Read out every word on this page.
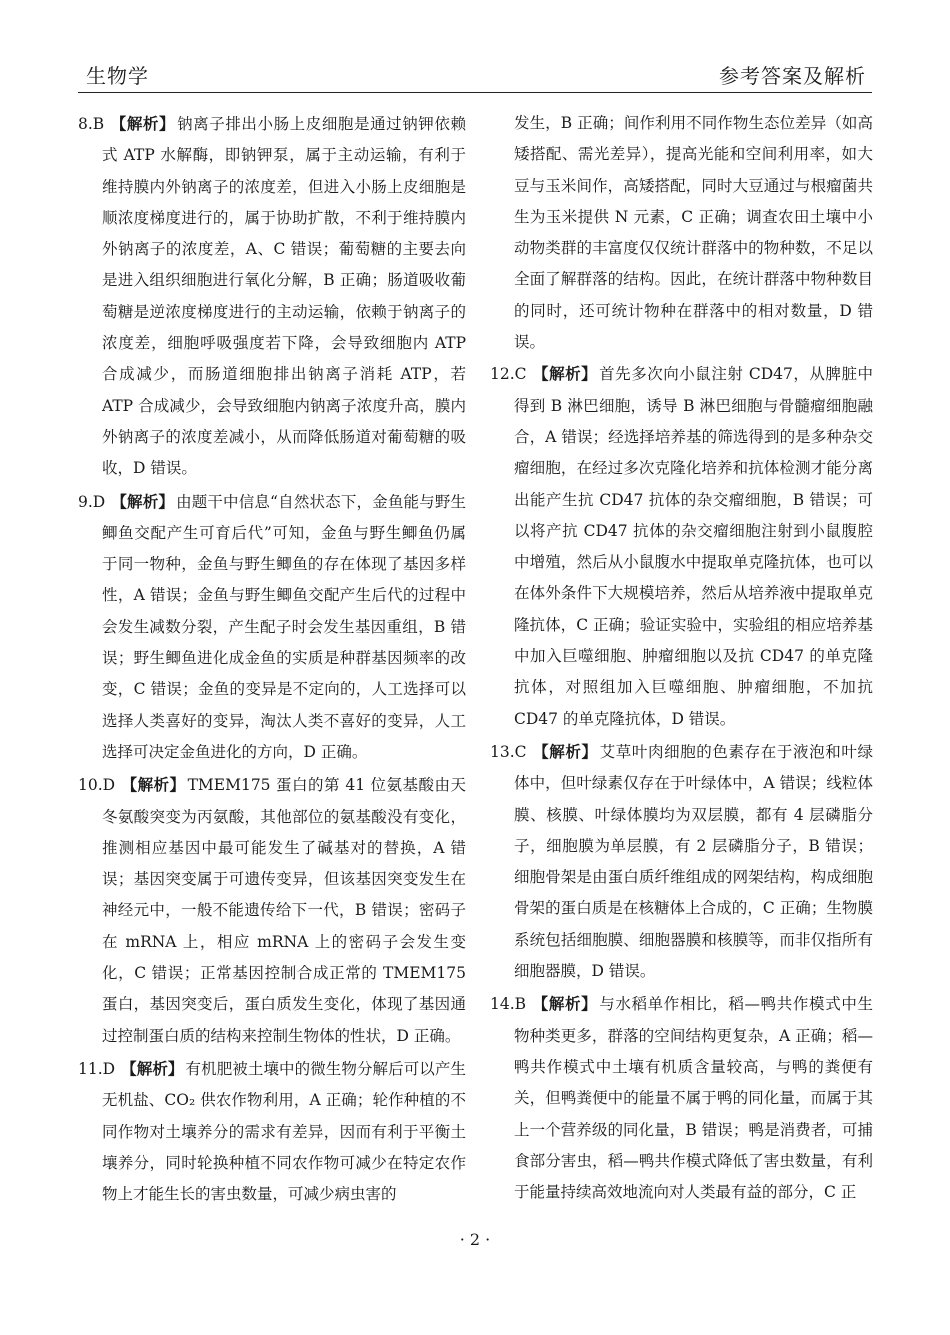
生物学	参考答案及解析

8.B 【解析】 钠离子排出小肠上皮细胞是通过钠钾依赖式 ATP 水解酶，即钠钾泵，属于主动运输，有利于维持膜内外钠离子的浓度差，但进入小肠上皮细胞是顺浓度梯度进行的，属于协助扩散，不利于维持膜内外钠离子的浓度差，A、C 错误；葡萄糖的主要去向是进入组织细胞进行氧化分解，B 正确；肠道吸收葡萄糖是逆浓度梯度进行的主动运输，依赖于钠离子的浓度差，细胞呼吸强度若下降，会导致细胞内 ATP 合成减少，而肠道细胞排出钠离子消耗 ATP，若 ATP 合成减少，会导致细胞内钠离子浓度升高，膜内外钠离子的浓度差减小，从而降低肠道对葡萄糖的吸收，D 错误。

9.D 【解析】 由题干中信息“自然状态下，金鱼能与野生鲫鱼交配产生可育后代”可知，金鱼与野生鲫鱼仍属于同一物种，金鱼与野生鲫鱼的存在体现了基因多样性，A 错误；金鱼与野生鲫鱼交配产生后代的过程中会发生减数分裂，产生配子时会发生基因重组，B 错误；野生鲫鱼进化成金鱼的实质是种群基因频率的改变，C 错误；金鱼的变异是不定向的，人工选择可以选择人类喜好的变异，淘汰人类不喜好的变异，人工选择可决定金鱼进化的方向，D 正确。

10.D 【解析】 TMEM175 蛋白的第 41 位氨基酸由天冬氨酸突变为丙氨酸，其他部位的氨基酸没有变化，推测相应基因中最可能发生了碱基对的替换，A 错误；基因突变属于可遗传变异，但该基因突变发生在神经元中，一般不能遗传给下一代，B 错误；密码子在 mRNA 上，相应 mRNA 上的密码子会发生变化，C 错误；正常基因控制合成正常的 TMEM175 蛋白，基因突变后，蛋白质发生变化，体现了基因通过控制蛋白质的结构来控制生物体的性状，D 正确。

11.D 【解析】 有机肥被土壤中的微生物分解后可以产生无机盐、CO₂ 供农作物利用，A 正确；轮作种植的不同作物对土壤养分的需求有差异，因而有利于平衡土壤养分，同时轮换种植不同农作物可减少在特定农作物上才能生长的害虫数量，可减少病虫害的

发生，B 正确；间作利用不同作物生态位差异（如高矮搭配、需光差异），提高光能和空间利用率，如大豆与玉米间作，高矮搭配，同时大豆通过与根瘤菌共生为玉米提供 N 元素，C 正确；调查农田土壤中小动物类群的丰富度仅仅统计群落中的物种数，不足以全面了解群落的结构。因此，在统计群落中物种数目的同时，还可统计物种在群落中的相对数量，D 错误。

12.C 【解析】 首先多次向小鼠注射 CD47，从脾脏中得到 B 淋巴细胞，诱导 B 淋巴细胞与骨髓瘤细胞融合，A 错误；经选择培养基的筛选得到的是多种杂交瘤细胞，在经过多次克隆化培养和抗体检测才能分离出能产生抗 CD47 抗体的杂交瘤细胞，B 错误；可以将产抗 CD47 抗体的杂交瘤细胞注射到小鼠腹腔中增殖，然后从小鼠腹水中提取单克隆抗体，也可以在体外条件下大规模培养，然后从培养液中提取单克隆抗体，C 正确；验证实验中，实验组的相应培养基中加入巨噬细胞、肿瘤细胞以及抗 CD47 的单克隆抗体，对照组加入巨噬细胞、肿瘤细胞，不加抗 CD47 的单克隆抗体，D 错误。

13.C 【解析】 艾草叶肉细胞的色素存在于液泡和叶绿体中，但叶绿素仅存在于叶绿体中，A 错误；线粒体膜、核膜、叶绿体膜均为双层膜，都有 4 层磷脂分子，细胞膜为单层膜，有 2 层磷脂分子，B 错误；细胞骨架是由蛋白质纤维组成的网架结构，构成细胞骨架的蛋白质是在核糖体上合成的，C 正确；生物膜系统包括细胞膜、细胞器膜和核膜等，而非仅指所有细胞器膜，D 错误。

14.B 【解析】 与水稻单作相比，稻—鸭共作模式中生物种类更多，群落的空间结构更复杂，A 正确；稻—鸭共作模式中土壤有机质含量较高，与鸭的粪便有关，但鸭粪便中的能量不属于鸭的同化量，而属于其上一个营养级的同化量，B 错误；鸭是消费者，可捕食部分害虫，稻—鸭共作模式降低了害虫数量，有利于能量持续高效地流向对人类最有益的部分，C 正

· 2 ·
